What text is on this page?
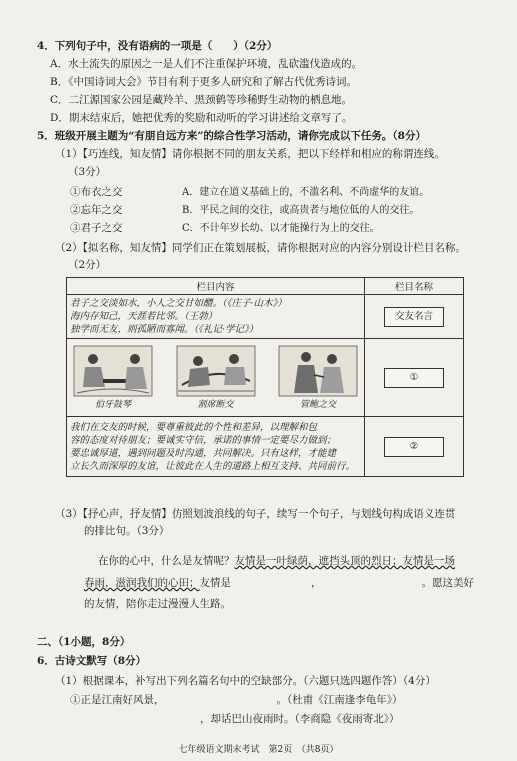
4．下列句子中，没有语病的一项是（　　）（2分）
A．水土流失的原因之一是人们不注重保护环境，乱砍滥伐造成的。
B．《中国诗词大会》节目有利于更多人研究和了解古代优秀诗词。
C．二江源国家公园是藏羚羊、黑颈鹤等珍稀野生动物的栖息地。
D．期末结束后，她把优秀的奖励和动听的学习讲述给文章写了。
5．班级开展主题为“有朋自远方来”的综合性学习活动，请你完成以下任务。（8分）
（1）【巧连线，知友情】请你根据不同的朋友关系，把以下经样和相应的称谓连线。
（3分）
①布衣之交	A．建立在道义基础上的，不滥名利、不尚虚华的友谊。
②忘年之交	B．平民之间的交往，或高贵者与地位低的人的交往。
③君子之交	C．不计年岁长幼、以才能操行为上的交往。
（2）【拟名称，知友情】同学们正在策划展板，请你根据对应的内容分别设计栏目名称。
（2分）
栏目内容	栏目名称

君子之交淡如水，小人之交甘如醴。（《庄子·山木》）
海内存知己，天涯若比邻。（王勃）
独学而无友，则孤陋而寡闻。（《礼记·学记》）	交友名言

伯牙鼓琴 割席断交 管鲍之交	①

我们在交友的时候，要尊重彼此的个性和差异，以理解和包
容的态度对待朋友；要诚实守信，承诺的事情一定要尽力做到；
要忠诚厚道，遇到问题及时沟通，共同解决。只有这样，才能建
立长久而深厚的友谊，让彼此在人生的道路上相互支持、共同前行。	②
（3）【抒心声，抒友情】仿照划波浪线的句子，续写一个句子，与划线句构成语义连贯
的排比句。（3分）
在你的心中，什么是友情呢？友情是一叶绿荫，遮挡头顶的烈日；友情是一场
春雨，滋润我们的心田；友情是	，	。愿这美好
的友情，陪你走过漫漫人生路。
二、（1小题，8分）
6．古诗文默写（8分）
（1）根据课本，补写出下列名篇名句中的空缺部分。（六题只选四题作答）（4分）
①正是江南好风景，	。（杜甫《江南逢李龟年》）
，却话巴山夜雨时。（李商隐《夜雨寄北》）
七年级语文期末考试　第2页　（共8页）
